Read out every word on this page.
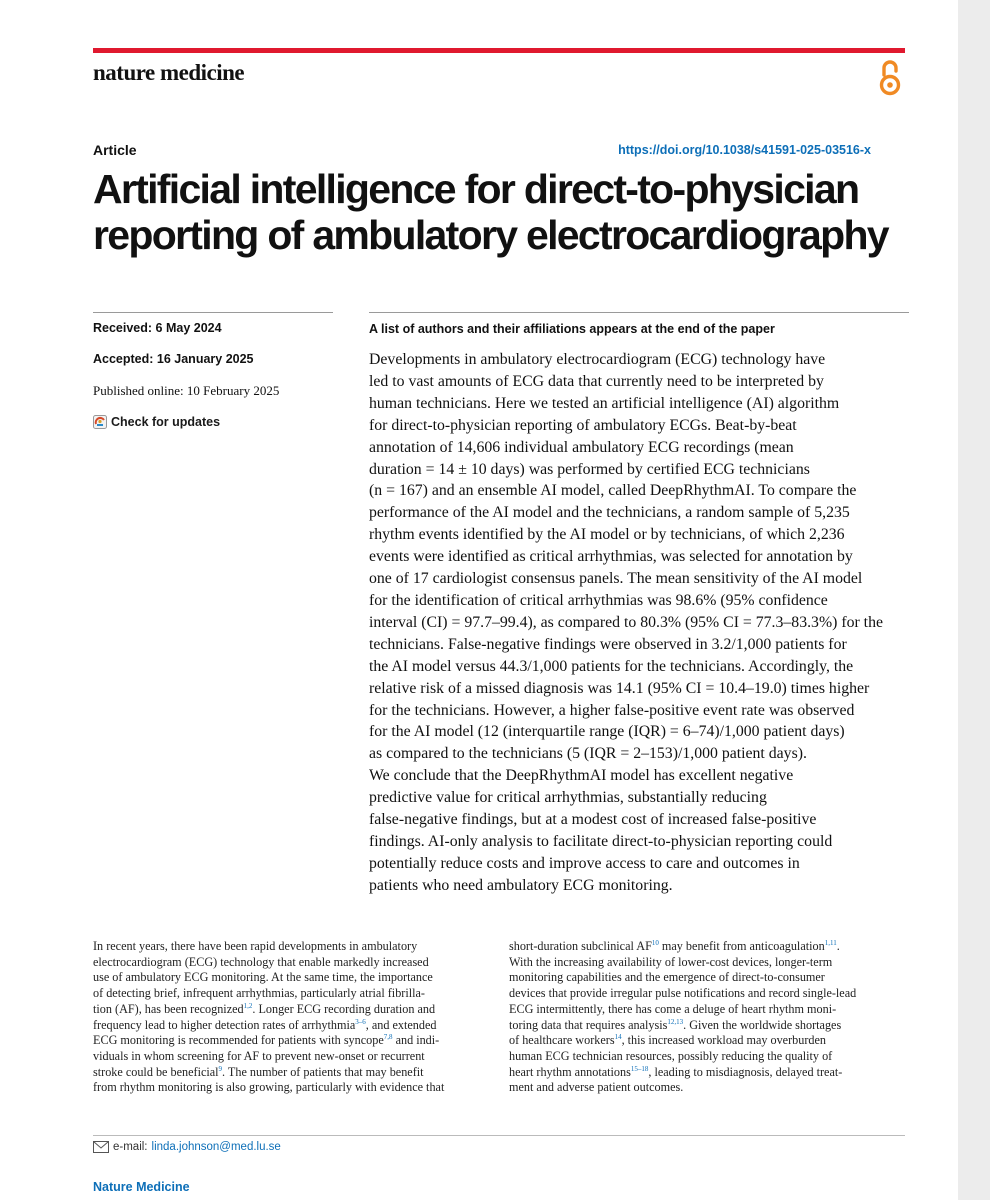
nature medicine
Article	https://doi.org/10.1038/s41591-025-03516-x
Artificial intelligence for direct-to-physician
reporting of ambulatory electrocardiography
Received: 6 May 2024
Accepted: 16 January 2025
Published online: 10 February 2025
Check for updates
A list of authors and their affiliations appears at the end of the paper

Developments in ambulatory electrocardiogram (ECG) technology have
led to vast amounts of ECG data that currently need to be interpreted by
human technicians. Here we tested an artificial intelligence (AI) algorithm
for direct-to-physician reporting of ambulatory ECGs. Beat-by-beat
annotation of 14,606 individual ambulatory ECG recordings (mean
duration = 14 ± 10 days) was performed by certified ECG technicians
(n = 167) and an ensemble AI model, called DeepRhythmAI. To compare the
performance of the AI model and the technicians, a random sample of 5,235
rhythm events identified by the AI model or by technicians, of which 2,236
events were identified as critical arrhythmias, was selected for annotation by
one of 17 cardiologist consensus panels. The mean sensitivity of the AI model
for the identification of critical arrhythmias was 98.6% (95% confidence
interval (CI) = 97.7–99.4), as compared to 80.3% (95% CI = 77.3–83.3%) for the
technicians. False-negative findings were observed in 3.2/1,000 patients for
the AI model versus 44.3/1,000 patients for the technicians. Accordingly, the
relative risk of a missed diagnosis was 14.1 (95% CI = 10.4–19.0) times higher
for the technicians. However, a higher false-positive event rate was observed
for the AI model (12 (interquartile range (IQR) = 6–74)/1,000 patient days)
as compared to the technicians (5 (IQR = 2–153)/1,000 patient days).
We conclude that the DeepRhythmAI model has excellent negative
predictive value for critical arrhythmias, substantially reducing
false-negative findings, but at a modest cost of increased false-positive
findings. AI-only analysis to facilitate direct-to-physician reporting could
potentially reduce costs and improve access to care and outcomes in
patients who need ambulatory ECG monitoring.

In recent years, there have been rapid developments in ambulatory
electrocardiogram (ECG) technology that enable markedly increased
use of ambulatory ECG monitoring. At the same time, the importance
of detecting brief, infrequent arrhythmias, particularly atrial fibrilla-
tion (AF), has been recognized$^{1,2}$. Longer ECG recording duration and
frequency lead to higher detection rates of arrhythmia$^{3-6}$, and extended
ECG monitoring is recommended for patients with syncope$^{7,8}$ and indi-
viduals in whom screening for AF to prevent new-onset or recurrent
stroke could be beneficial$^9$. The number of patients that may benefit
from rhythm monitoring is also growing, particularly with evidence that
short-duration subclinical AF$^{10}$ may benefit from anticoagulation$^{1,11}$.
With the increasing availability of lower-cost devices, longer-term
monitoring capabilities and the emergence of direct-to-consumer
devices that provide irregular pulse notifications and record single-lead
ECG intermittently, there has come a deluge of heart rhythm moni-
toring data that requires analysis$^{12,13}$. Given the worldwide shortages
of healthcare workers$^{14}$, this increased workload may overburden
human ECG technician resources, possibly reducing the quality of
heart rhythm annotations$^{15-18}$, leading to misdiagnosis, delayed treat-
ment and adverse patient outcomes.
e-mail: linda.johnson@med.lu.se
Nature Medicine
